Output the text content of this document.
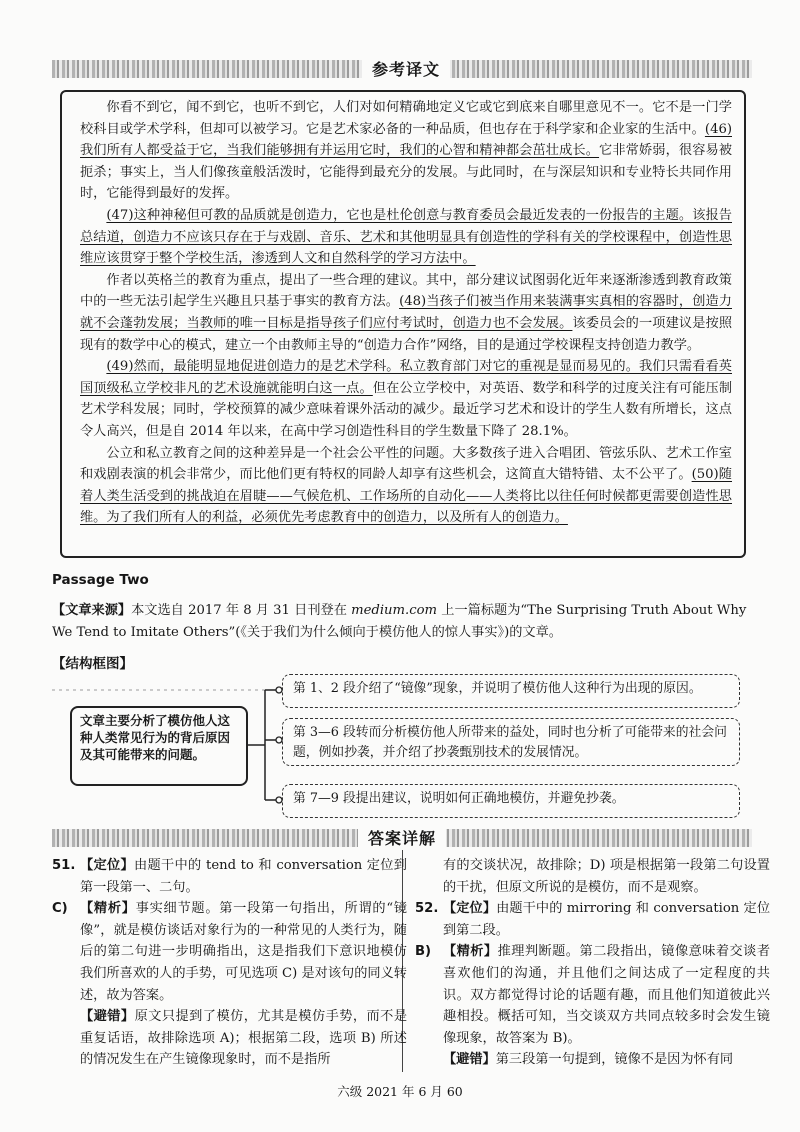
参考译文

你看不到它，闻不到它，也听不到它，人们对如何精确地定义它或它到底来自哪里意见不一。它不是一门学校科目或学术学科，但却可以被学习。它是艺术家必备的一种品质，但也存在于科学家和企业家的生活中。(46)我们所有人都受益于它，当我们能够拥有并运用它时，我们的心智和精神都会茁壮成长。它非常娇弱，很容易被扼杀；事实上，当人们像孩童般活泼时，它能得到最充分的发展。与此同时，在与深层知识和专业特长共同作用时，它能得到最好的发挥。

(47)这种神秘但可教的品质就是创造力，它也是杜伦创意与教育委员会最近发表的一份报告的主题。该报告总结道，创造力不应该只存在于与戏剧、音乐、艺术和其他明显具有创造性的学科有关的学校课程中，创造性思维应该贯穿于整个学校生活，渗透到人文和自然科学的学习方法中。

作者以英格兰的教育为重点，提出了一些合理的建议。其中，部分建议试图弱化近年来逐渐渗透到教育政策中的一些无法引起学生兴趣且只基于事实的教育方法。(48)当孩子们被当作用来装满事实真相的容器时，创造力就不会蓬勃发展；当教师的唯一目标是指导孩子们应付考试时，创造力也不会发展。该委员会的一项建议是按照现有的数学中心的模式，建立一个由教师主导的“创造力合作”网络，目的是通过学校课程支持创造力教学。

(49)然而，最能明显地促进创造力的是艺术学科。私立教育部门对它的重视是显而易见的。我们只需看看英国顶级私立学校非凡的艺术设施就能明白这一点。但在公立学校中，对英语、数学和科学的过度关注有可能压制艺术学科发展；同时，学校预算的减少意味着课外活动的减少。最近学习艺术和设计的学生人数有所增长，这点令人高兴，但是自 2014 年以来，在高中学习创造性科目的学生数量下降了 28.1%。

公立和私立教育之间的这种差异是一个社会公平性的问题。大多数孩子进入合唱团、管弦乐队、艺术工作室和戏剧表演的机会非常少，而比他们更有特权的同龄人却享有这些机会，这简直大错特错、太不公平了。(50)随着人类生活受到的挑战迫在眉睫——气候危机、工作场所的自动化——人类将比以往任何时候都更需要创造性思维。为了我们所有人的利益，必须优先考虑教育中的创造力，以及所有人的创造力。

Passage Two
【文章来源】本文选自 2017 年 8 月 31 日刊登在 medium.com 上一篇标题为“The Surprising Truth About Why We Tend to Imitate Others”(《关于我们为什么倾向于模仿他人的惊人事实》)的文章。
【结构框图】
文章主要分析了模仿他人这种人类常见行为的背后原因及其可能带来的问题。
第 1、2 段介绍了“镜像”现象，并说明了模仿他人这种行为出现的原因。
第 3—6 段转而分析模仿他人所带来的益处，同时也分析了可能带来的社会问题，例如抄袭，并介绍了抄袭甄别技术的发展情况。
第 7—9 段提出建议，说明如何正确地模仿，并避免抄袭。
答案详解

51. 【定位】由题干中的 tend to 和 conversation 定位到第一段第一、二句。

C) 【精析】事实细节题。第一段第一句指出，所谓的“镜像”，就是模仿谈话对象行为的一种常见的人类行为，随后的第二句进一步明确指出，这是指我们下意识地模仿我们所喜欢的人的手势，可见选项 C) 是对该句的同义转述，故为答案。

【避错】原文只提到了模仿，尤其是模仿手势，而不是重复话语，故排除选项 A)；根据第二段，选项 B) 所述的情况发生在产生镜像现象时，而不是指所

有的交谈状况，故排除；D) 项是根据第一段第二句设置的干扰，但原文所说的是模仿，而不是观察。

52. 【定位】由题干中的 mirroring 和 conversation 定位到第二段。

B) 【精析】推理判断题。第二段指出，镜像意味着交谈者喜欢他们的沟通，并且他们之间达成了一定程度的共识。双方都觉得讨论的话题有趣，而且他们知道彼此兴趣相投。概括可知，当交谈双方共同点较多时会发生镜像现象，故答案为 B)。

【避错】第三段第一句提到，镜像不是因为怀有同

六级 2021 年 6 月 60
